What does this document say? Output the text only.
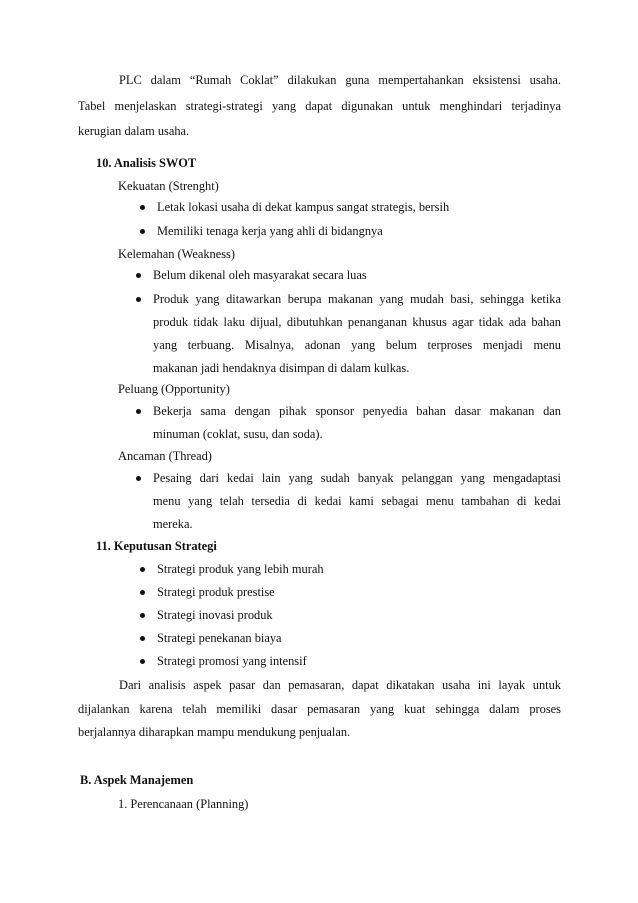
PLC dalam “Rumah Coklat” dilakukan guna mempertahankan eksistensi usaha.
Tabel menjelaskan strategi-strategi yang dapat digunakan untuk menghindari terjadinya
kerugian dalam usaha.
10. Analisis SWOT
Kekuatan (Strenght)
Letak lokasi usaha di dekat kampus sangat strategis, bersih
Memiliki tenaga kerja yang ahli di bidangnya
Kelemahan (Weakness)
Belum dikenal oleh masyarakat secara luas
Produk yang ditawarkan berupa makanan yang mudah basi, sehingga ketika
produk tidak laku dijual, dibutuhkan penanganan khusus agar tidak ada bahan
yang terbuang. Misalnya, adonan yang belum terproses menjadi menu
makanan jadi hendaknya disimpan di dalam kulkas.
Peluang (Opportunity)
Bekerja sama dengan pihak sponsor penyedia bahan dasar makanan dan
minuman (coklat, susu, dan soda).
Ancaman (Thread)
Pesaing dari kedai lain yang sudah banyak pelanggan yang mengadaptasi
menu yang telah tersedia di kedai kami sebagai menu tambahan di kedai
mereka.
11. Keputusan Strategi
Strategi produk yang lebih murah
Strategi produk prestise
Strategi inovasi produk
Strategi penekanan biaya
Strategi promosi yang intensif
Dari analisis aspek pasar dan pemasaran, dapat dikatakan usaha ini layak untuk
dijalankan karena telah memiliki dasar pemasaran yang kuat sehingga dalam proses
berjalannya diharapkan mampu mendukung penjualan.
B. Aspek Manajemen
1. Perencanaan (Planning)
